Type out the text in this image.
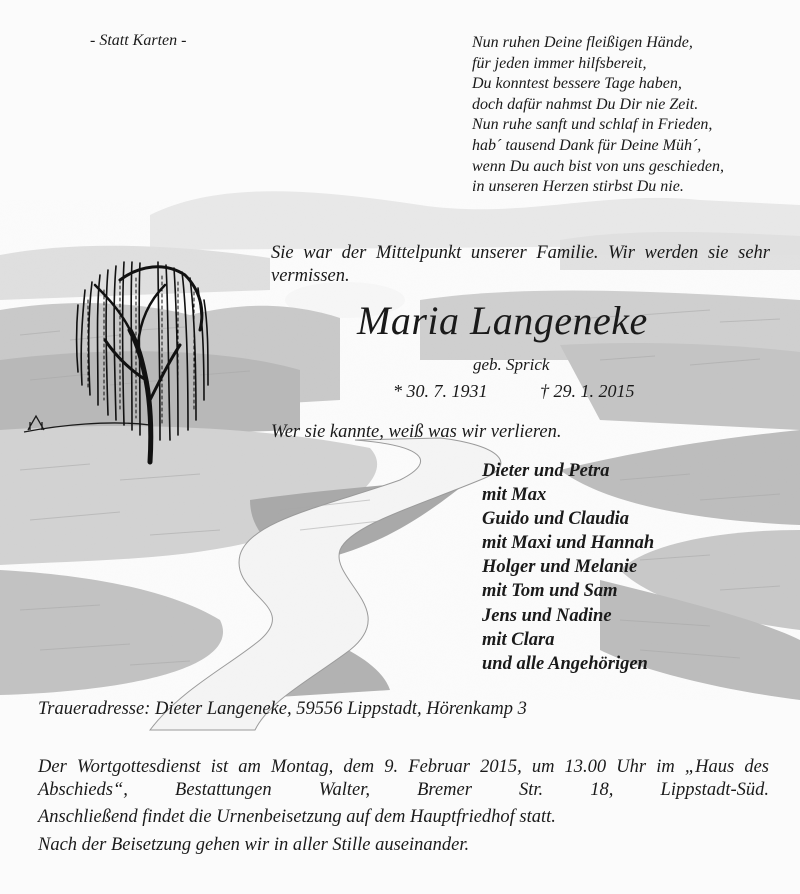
- Statt Karten -	Nun ruhen Deine fleißigen Hände,
für jeden immer hilfsbereit,
Du konntest bessere Tage haben,
doch dafür nahmst Du Dir nie Zeit.
Nun ruhe sanft und schlaf in Frieden,
hab´ tausend Dank für Deine Müh´,
wenn Du auch bist von uns geschieden,
in unseren Herzen stirbst Du nie.

Sie war der Mittelpunkt unserer Familie. Wir werden sie sehr vermissen.

Maria Langeneke

geb. Sprick

* 30. 7. 1931	† 29. 1. 2015

Wer sie kannte, weiß was wir verlieren.

Dieter und Petra
mit Max
Guido und Claudia
mit Maxi und Hannah
Holger und Melanie
mit Tom und Sam
Jens und Nadine
mit Clara
und alle Angehörigen

Traueradresse: Dieter Langeneke, 59556 Lippstadt, Hörenkamp 3

Der Wortgottesdienst ist am Montag, dem 9. Februar 2015, um 13.00 Uhr im „Haus des Abschieds“, Bestattungen Walter, Bremer Str. 18, Lippstadt-Süd.

Anschließend findet die Urnenbeisetzung auf dem Hauptfriedhof statt.

Nach der Beisetzung gehen wir in aller Stille auseinander.
